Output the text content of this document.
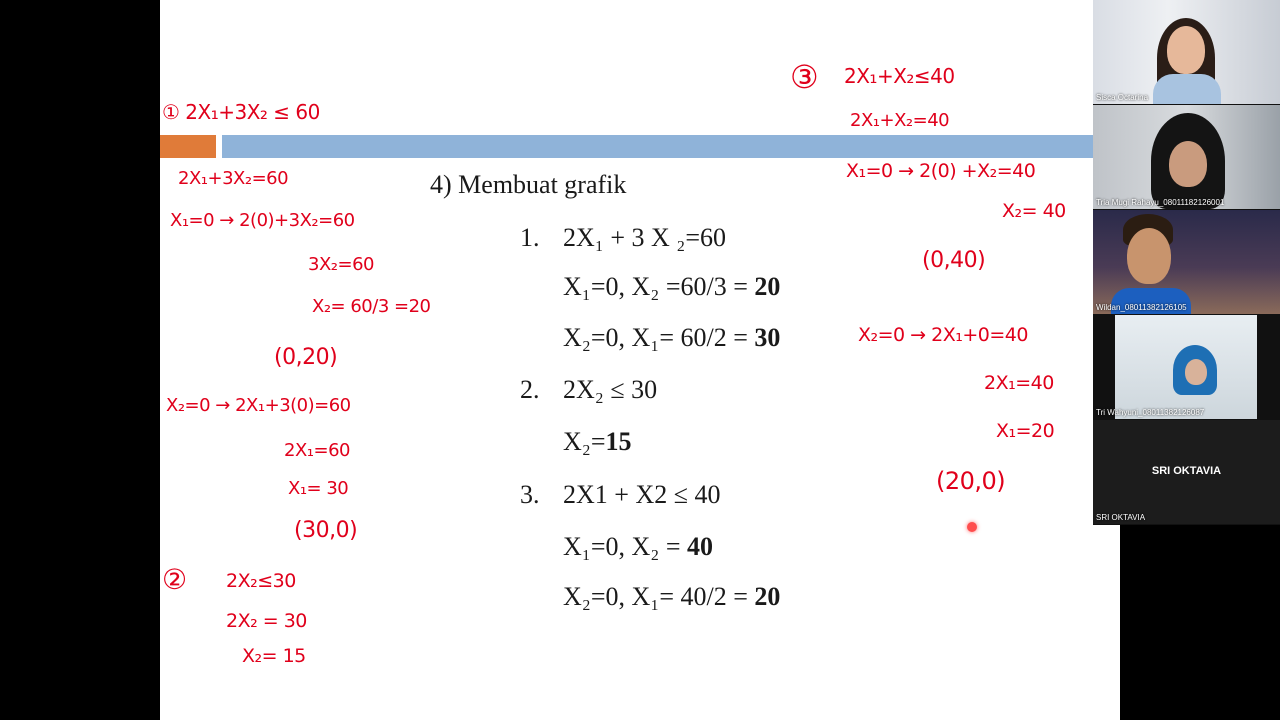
4) Membuat grafik
1. 2X₁ + 3 X ₂=60
X₁=0, X₂ =60/3 = 20
X₂=0, X₁= 60/2 = 30
2. 2X₂ ≤ 30
X₂=15
3. 2X1 + X2 ≤ 40
X₁=0, X₂ = 40
X₂=0, X₁= 40/2 = 20
① 2X₁+3X₂ ≤ 60
2X₁+3X₂=60
X₁=0 → 2(0)+3X₂=60
3X₂=60
X₂= 60/3 =20
(0,20)
X₂=0 → 2X₁+3(0)=60
2X₁=60
X₁= 30
(30,0)
② 2X₂≤30
2X₂ = 30
X₂= 15
③ 2X₁+X₂≤40
2X₁+X₂=40
X₁=0 → 2(0) +X₂=40
X₂= 40
(0,40)
X₂=0 → 2X₁+0=40
2X₁=40
X₁=20
(20,0)
Sisca Octarina
Tria Mugi Rahayu_08011182126001
Wildan_08011382126105
Tri Wahyuni_08011382126087
SRI OKTAVIA
SRI OKTAVIA
